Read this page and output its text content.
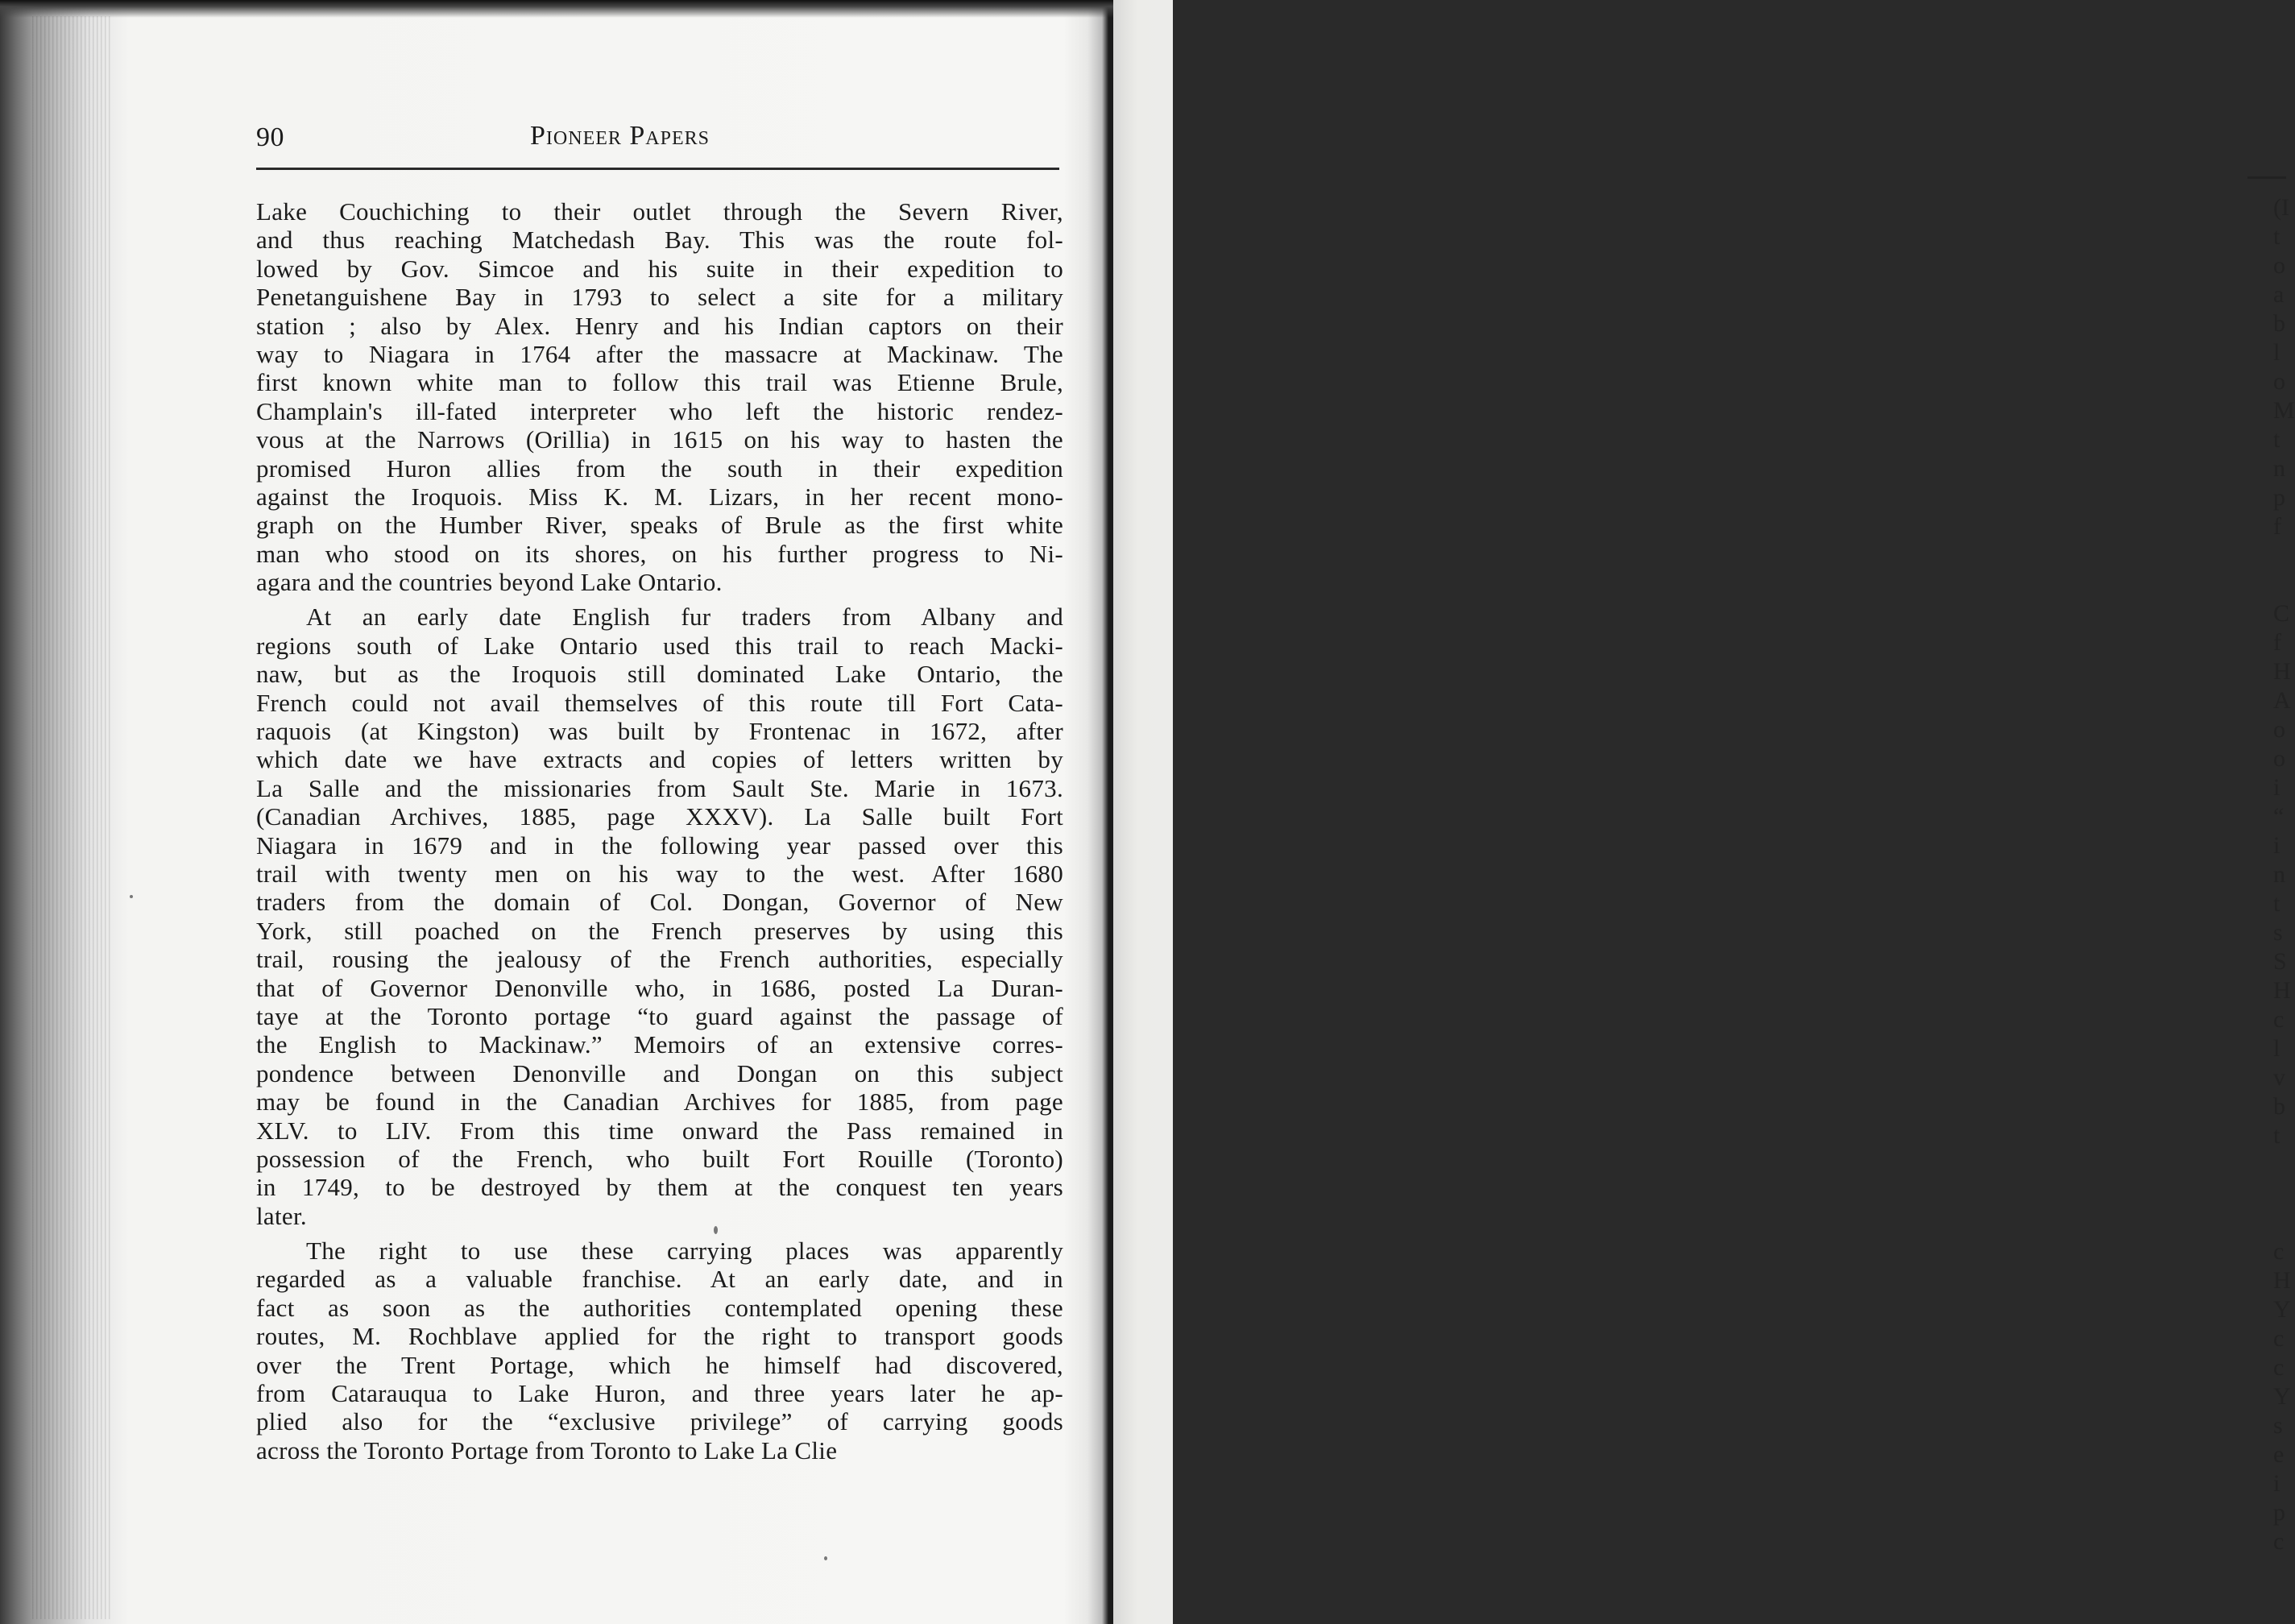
(I
t
o
a
b
l
o
M
t
n
p
f
C
f
H
A
o
o
i
“
i
n
t
s
S
H
c
l
v
b
t
c
H
Y
c
c
Y
s
e
i
p
c
90	Pioneer Papers
Lake Couchiching to their outlet through the Severn River,
and thus reaching Matchedash Bay. This was the route fol-
lowed by Gov. Simcoe and his suite in their expedition to
Penetanguishene Bay in 1793 to select a site for a military
station ; also by Alex. Henry and his Indian captors on their
way to Niagara in 1764 after the massacre at Mackinaw. The
first known white man to follow this trail was Etienne Brule,
Champlain's ill-fated interpreter who left the historic rendez-
vous at the Narrows (Orillia) in 1615 on his way to hasten the
promised Huron allies from the south in their expedition
against the Iroquois. Miss K. M. Lizars, in her recent mono-
graph on the Humber River, speaks of Brule as the first white
man who stood on its shores, on his further progress to Ni-
agara and the countries beyond Lake Ontario.
At an early date English fur traders from Albany and
regions south of Lake Ontario used this trail to reach Macki-
naw, but as the Iroquois still dominated Lake Ontario, the
French could not avail themselves of this route till Fort Cata-
raquois (at Kingston) was built by Frontenac in 1672, after
which date we have extracts and copies of letters written by
La Salle and the missionaries from Sault Ste. Marie in 1673.
(Canadian Archives, 1885, page XXXV). La Salle built Fort
Niagara in 1679 and in the following year passed over this
trail with twenty men on his way to the west. After 1680
traders from the domain of Col. Dongan, Governor of New
York, still poached on the French preserves by using this
trail, rousing the jealousy of the French authorities, especially
that of Governor Denonville who, in 1686, posted La Duran-
taye at the Toronto portage “to guard against the passage of
the English to Mackinaw.” Memoirs of an extensive corres-
pondence between Denonville and Dongan on this subject
may be found in the Canadian Archives for 1885, from page
XLV. to LIV. From this time onward the Pass remained in
possession of the French, who built Fort Rouille (Toronto)
in 1749, to be destroyed by them at the conquest ten years
later.
The right to use these carrying places was apparently
regarded as a valuable franchise. At an early date, and in
fact as soon as the authorities contemplated opening these
routes, M. Rochblave applied for the right to transport goods
over the Trent Portage, which he himself had discovered,
from Catarauqua to Lake Huron, and three years later he ap-
plied also for the “exclusive privilege” of carrying goods
across the Toronto Portage from Toronto to Lake La Clie
